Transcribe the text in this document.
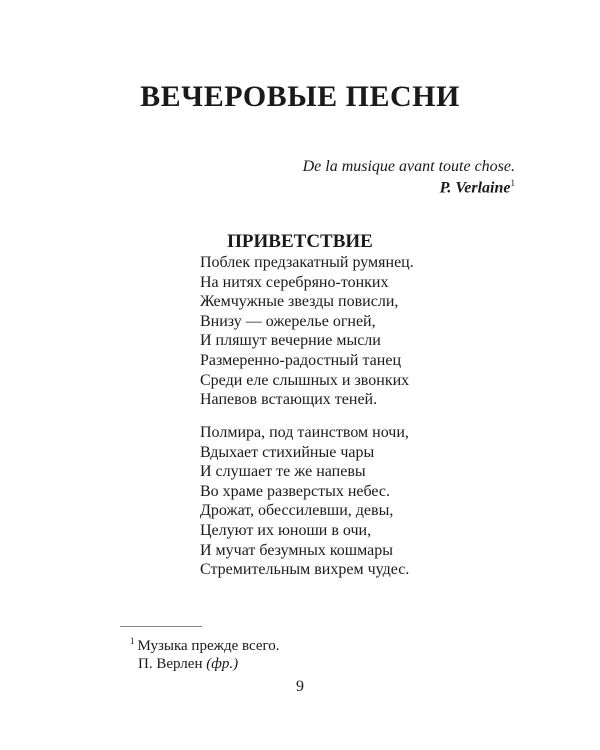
ВЕЧЕРОВЫЕ ПЕСНИ
De la musique avant toute chose.
P. Verlaine$^1$
ПРИВЕТСТВИЕ
Поблек предзакатный румянец.
На нитях серебряно-тонких
Жемчужные звезды повисли,
Внизу — ожерелье огней,
И пляшут вечерние мысли
Размеренно-радостный танец
Среди еле слышных и звонких
Напевов встающих теней.
Полмира, под таинством ночи,
Вдыхает стихийные чары
И слушает те же напевы
Во храме разверстых небес.
Дрожат, обессилевши, девы,
Целуют их юноши в очи,
И мучат безумных кошмары
Стремительным вихрем чудес.
$^1$ Музыка прежде всего.
П. Верлен (фр.)
9
